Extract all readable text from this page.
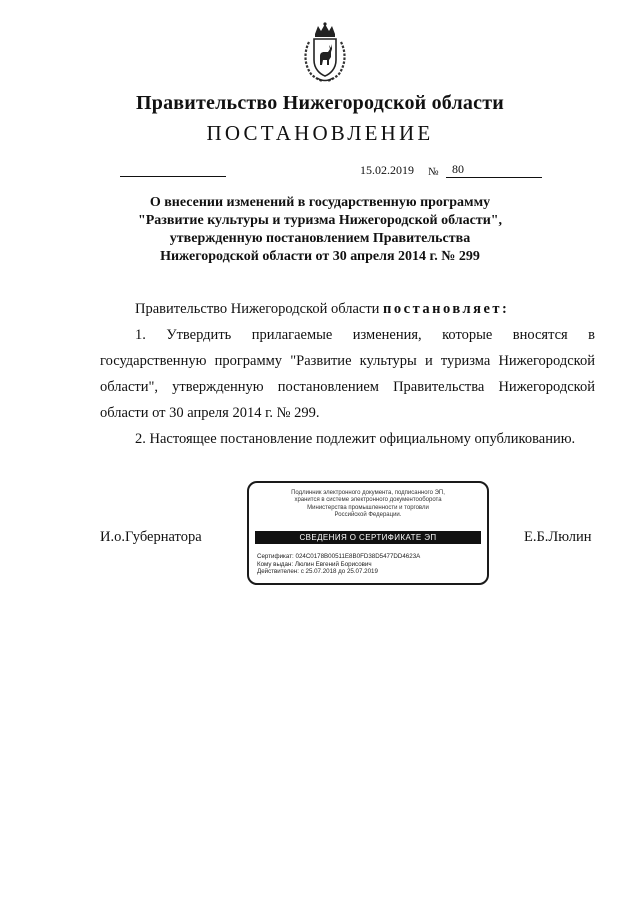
Правительство Нижегородской области
ПОСТАНОВЛЕНИЕ
15.02.2019 №	80
О внесении изменений в государственную программу
"Развитие культуры и туризма Нижегородской области",
утвержденную постановлением Правительства
Нижегородской области от 30 апреля 2014 г. № 299
Правительство Нижегородской области постановляет:
1. Утвердить прилагаемые изменения, которые вносятся в государственную программу "Развитие культуры и туризма Нижегородской области", утвержденную постановлением Правительства Нижегородской области от 30 апреля 2014 г. № 299.
2. Настоящее постановление подлежит официальному опубликованию.
И.о.Губернатора	Е.Б.Люлин
Подлинник электронного документа, подписанного ЭП,
хранится в системе электронного документооборота
Министерства промышленности и торговли
Российской Федерации.
СВЕДЕНИЯ О СЕРТИФИКАТЕ ЭП
Сертификат: 024C0178B00511E8B0FD38D5477DD4623A
Кому выдан: Люлин Евгений Борисович
Действителен: с 25.07.2018 до 25.07.2019
